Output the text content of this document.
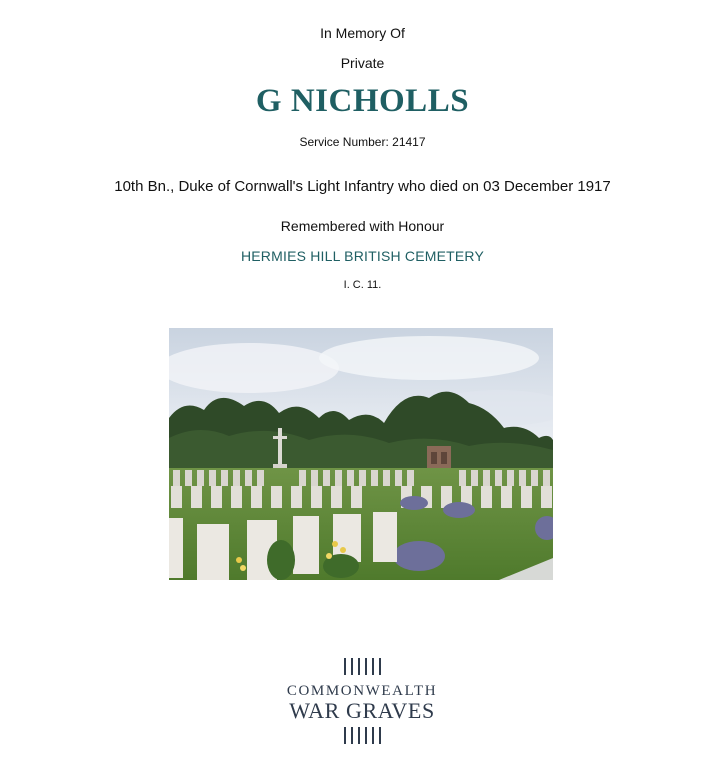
In Memory Of
Private
G NICHOLLS
Service Number: 21417
10th Bn., Duke of Cornwall's Light Infantry who died on 03 December 1917
Remembered with Honour
HERMIES HILL BRITISH CEMETERY
I. C. 11.
COMMONWEALTH
WAR GRAVES
